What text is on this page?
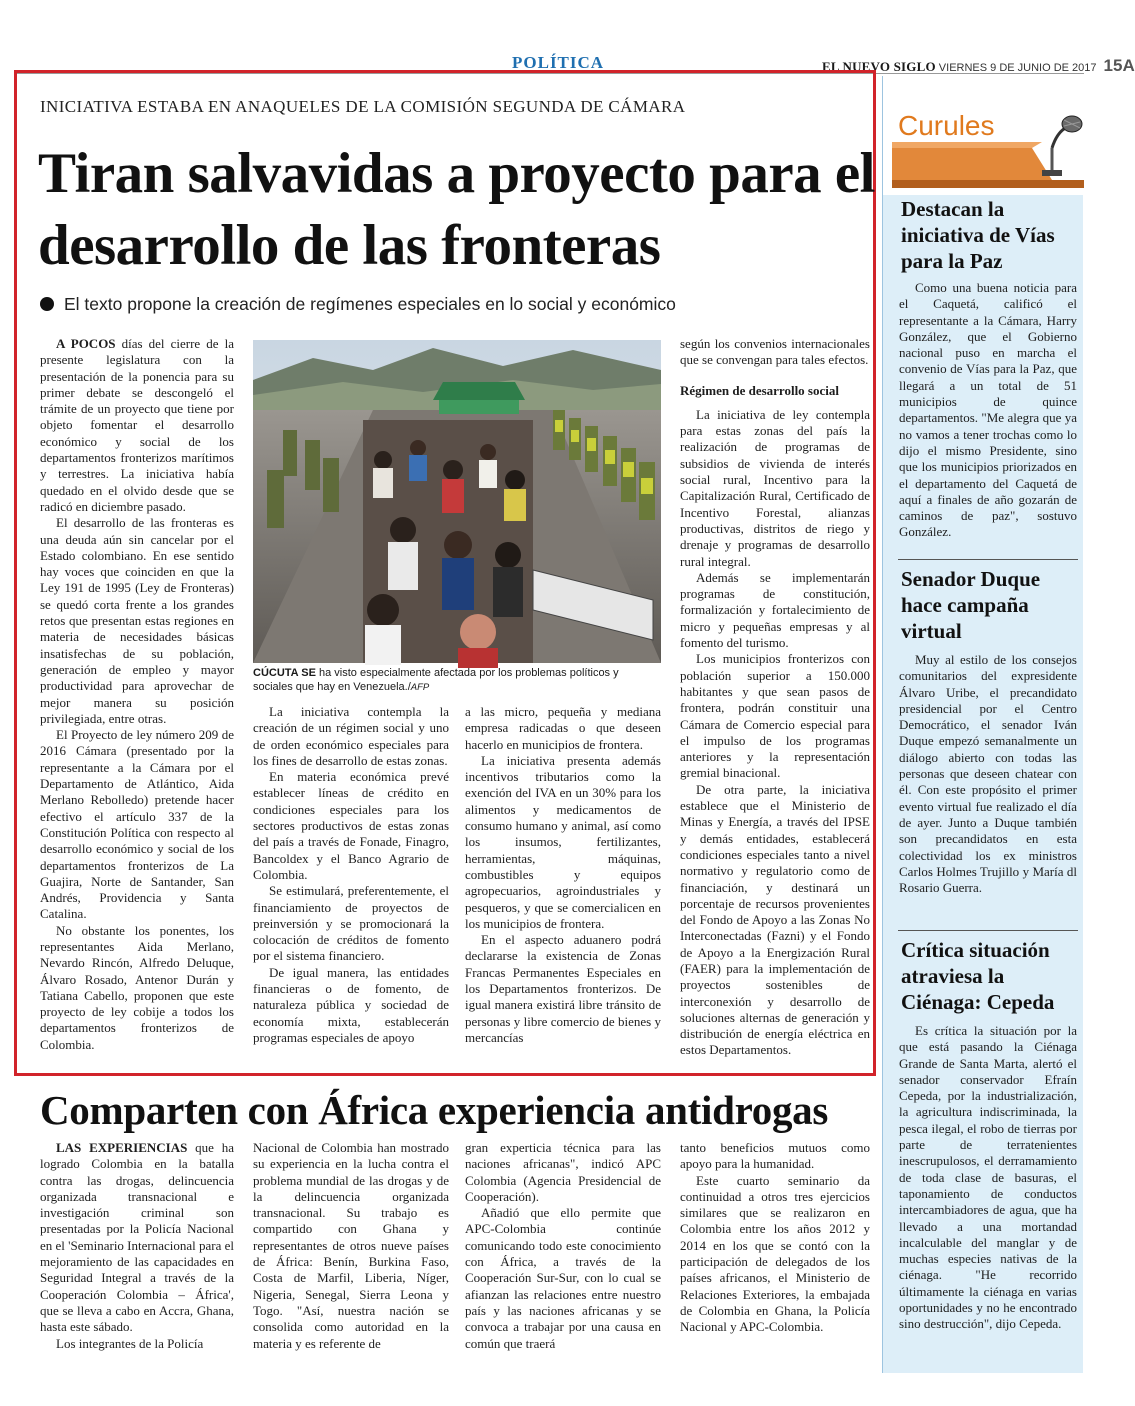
POLÍTICA	EL NUEVO SIGLO VIERNES 9 DE JUNIO DE 2017 15A
INICIATIVA ESTABA EN ANAQUELES DE LA COMISIÓN SEGUNDA DE CÁMARA
Tiran salvavidas a proyecto para el desarrollo de las fronteras
El texto propone la creación de regímenes especiales en lo social y económico

A POCOS días del cierre de la presente legislatura con la presentación de la ponencia para su primer debate se descongeló el trámite de un proyecto que tiene por objeto fomentar el desarrollo económico y social de los departamentos fronterizos marítimos y terrestres. La iniciativa había quedado en el olvido desde que se radicó en diciembre pasado.

El desarrollo de las fronteras es una deuda aún sin cancelar por el Estado colombiano. En ese sentido hay voces que coinciden en que la Ley 191 de 1995 (Ley de Fronteras) se quedó corta frente a los grandes retos que presentan estas regiones en materia de necesidades básicas insatisfechas de su población, generación de empleo y mayor productividad para aprovechar de mejor manera su posición privilegiada, entre otras.

El Proyecto de ley número 209 de 2016 Cámara (presentado por la representante a la Cámara por el Departamento de Atlántico, Aida Merlano Rebolledo) pretende hacer efectivo el artículo 337 de la Constitución Política con respecto al desarrollo económico y social de los departamentos fronterizos de La Guajira, Norte de Santander, San Andrés, Providencia y Santa Catalina.

No obstante los ponentes, los representantes Aida Merlano, Nevardo Rincón, Alfredo Deluque, Álvaro Rosado, Antenor Durán y Tatiana Cabello, proponen que este proyecto de ley cobije a todos los departamentos fronterizos de Colombia.

CÚCUTA SE ha visto especialmente afectada por los problemas políticos y sociales que hay en Venezuela./AFP

La iniciativa contempla la creación de un régimen social y uno de orden económico especiales para los fines de desarrollo de estas zonas.

En materia económica prevé establecer líneas de crédito en condiciones especiales para los sectores productivos de estas zonas del país a través de Fonade, Finagro, Bancoldex y el Banco Agrario de Colombia.

Se estimulará, preferentemente, el financiamiento de proyectos de preinversión y se promocionará la colocación de créditos de fomento por el sistema financiero.

De igual manera, las entidades financieras o de fomento, de naturaleza pública y sociedad de economía mixta, establecerán programas especiales de apoyo

a las micro, pequeña y mediana empresa radicadas o que deseen hacerlo en municipios de frontera.

La iniciativa presenta además incentivos tributarios como la exención del IVA en un 30% para los alimentos y medicamentos de consumo humano y animal, así como los insumos, fertilizantes, herramientas, máquinas, combustibles y equipos agropecuarios, agroindustriales y pesqueros, y que se comercialicen en los municipios de frontera.

En el aspecto aduanero podrá declararse la existencia de Zonas Francas Permanentes Especiales en los Departamentos fronterizos. De igual manera existirá libre tránsito de personas y libre comercio de bienes y mercancías

según los convenios internacionales que se convengan para tales efectos.

Régimen de desarrollo social

La iniciativa de ley contempla para estas zonas del país la realización de programas de subsidios de vivienda de interés social rural, Incentivo para la Capitalización Rural, Certificado de Incentivo Forestal, alianzas productivas, distritos de riego y drenaje y programas de desarrollo rural integral.

Además se implementarán programas de constitución, formalización y fortalecimiento de micro y pequeñas empresas y al fomento del turismo.

Los municipios fronterizos con población superior a 150.000 habitantes y que sean pasos de frontera, podrán constituir una Cámara de Comercio especial para el impulso de los programas anteriores y la representación gremial binacional.

De otra parte, la iniciativa establece que el Ministerio de Minas y Energía, a través del IPSE y demás entidades, establecerá condiciones especiales tanto a nivel normativo y regulatorio como de financiación, y destinará un porcentaje de recursos provenientes del Fondo de Apoyo a las Zonas No Interconectadas (Fazni) y el Fondo de Apoyo a la Energización Rural (FAER) para la implementación de proyectos sostenibles de interconexión y desarrollo de soluciones alternas de generación y distribución de energía eléctrica en estos Departamentos.

Comparten con África experiencia antidrogas

LAS EXPERIENCIAS que ha logrado Colombia en la batalla contra las drogas, delincuencia organizada transnacional e investigación criminal son presentadas por la Policía Nacional en el 'Seminario Internacional para el mejoramiento de las capacidades en Seguridad Integral a través de la Cooperación Colombia – África', que se lleva a cabo en Accra, Ghana, hasta este sábado.

Los integrantes de la Policía

Nacional de Colombia han mostrado su experiencia en la lucha contra el problema mundial de las drogas y de la delincuencia organizada transnacional. Su trabajo es compartido con Ghana y representantes de otros nueve países de África: Benín, Burkina Faso, Costa de Marfil, Liberia, Níger, Nigeria, Senegal, Sierra Leona y Togo. "Así, nuestra nación se consolida como autoridad en la materia y es referente de

gran experticia técnica para las naciones africanas", indicó APC Colombia (Agencia Presidencial de Cooperación).

Añadió que ello permite que APC-Colombia continúe comunicando todo este conocimiento con África, a través de la Cooperación Sur-Sur, con lo cual se afianzan las relaciones entre nuestro país y las naciones africanas y se convoca a trabajar por una causa en común que traerá

tanto beneficios mutuos como apoyo para la humanidad.

Este cuarto seminario da continuidad a otros tres ejercicios similares que se realizaron en Colombia entre los años 2012 y 2014 en los que se contó con la participación de delegados de los países africanos, el Ministerio de Relaciones Exteriores, la embajada de Colombia en Ghana, la Policía Nacional y APC-Colombia.

Curules
Destacan la iniciativa de Vías para la Paz

Como una buena noticia para el Caquetá, calificó el representante a la Cámara, Harry González, que el Gobierno nacional puso en marcha el convenio de Vías para la Paz, que llegará a un total de 51 municipios de quince departamentos. "Me alegra que ya no vamos a tener trochas como lo dijo el mismo Presidente, sino que los municipios priorizados en el departamento del Caquetá de aquí a finales de año gozarán de caminos de paz", sostuvo González.

Senador Duque hace campaña virtual

Muy al estilo de los consejos comunitarios del expresidente Álvaro Uribe, el precandidato presidencial por el Centro Democrático, el senador Iván Duque empezó semanalmente un diálogo abierto con todas las personas que deseen chatear con él. Con este propósito el primer evento virtual fue realizado el día de ayer. Junto a Duque también son precandidatos en esta colectividad los ex ministros Carlos Holmes Trujillo y María dl Rosario Guerra.

Crítica situación atraviesa la Ciénaga: Cepeda

Es crítica la situación por la que está pasando la Ciénaga Grande de Santa Marta, alertó el senador conservador Efraín Cepeda, por la industrialización, la agricultura indiscriminada, la pesca ilegal, el robo de tierras por parte de terratenientes inescrupulosos, el derramamiento de toda clase de basuras, el taponamiento de conductos intercambiadores de agua, que ha llevado a una mortandad incalculable del manglar y de muchas especies nativas de la ciénaga. "He recorrido últimamente la ciénaga en varias oportunidades y no he encontrado sino destrucción", dijo Cepeda.
